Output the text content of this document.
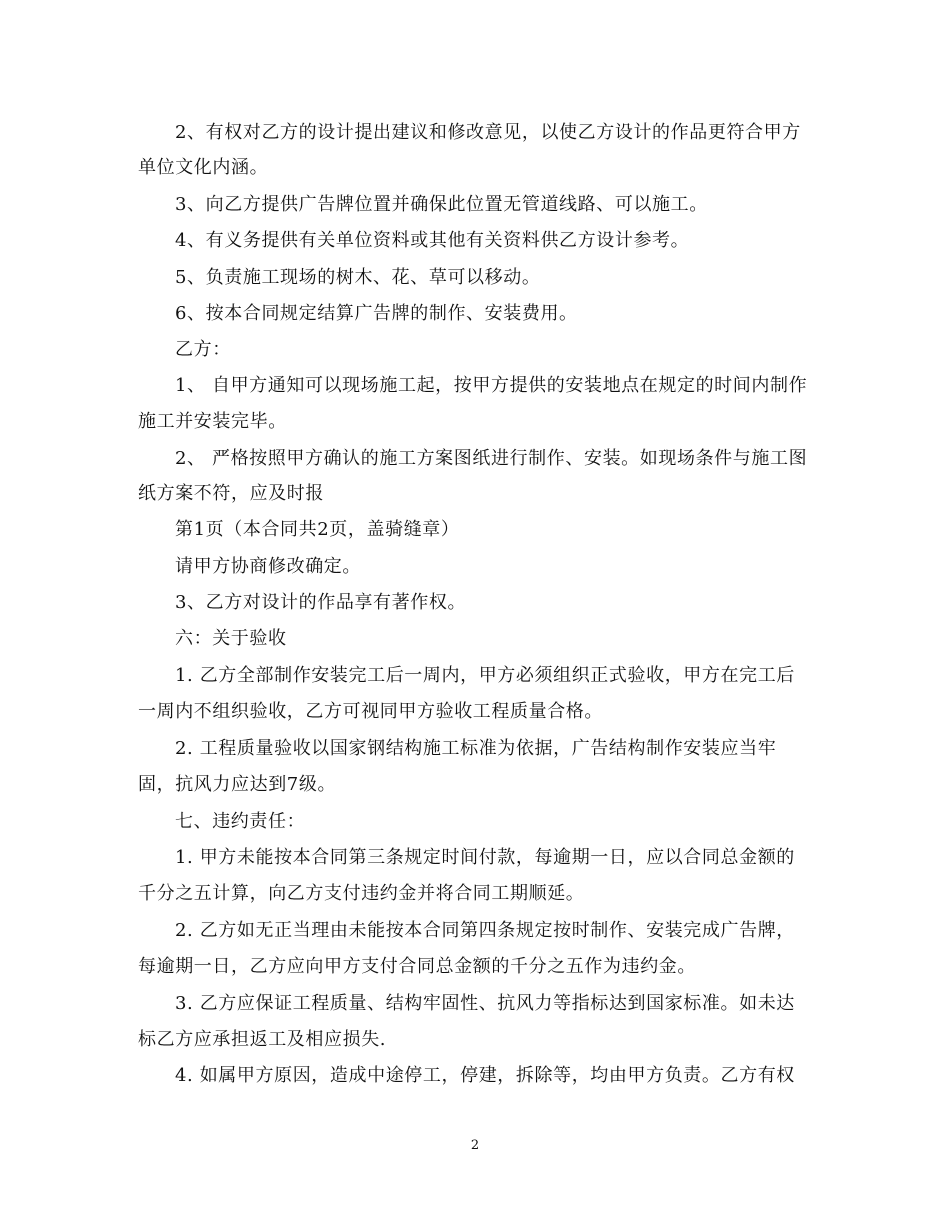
2、有权对乙方的设计提出建议和修改意见，以使乙方设计的作品更符合甲方
单位文化内涵。
3、向乙方提供广告牌位置并确保此位置无管道线路、可以施工。
4、有义务提供有关单位资料或其他有关资料供乙方设计参考。
5、负责施工现场的树木、花、草可以移动。
6、按本合同规定结算广告牌的制作、安装费用。
乙方：
1、 自甲方通知可以现场施工起，按甲方提供的安装地点在规定的时间内制作
施工并安装完毕。
2、 严格按照甲方确认的施工方案图纸进行制作、安装。如现场条件与施工图
纸方案不符，应及时报
第1页（本合同共2页，盖骑缝章）
请甲方协商修改确定。
3、乙方对设计的作品享有著作权。
六：关于验收
1. 乙方全部制作安装完工后一周内，甲方必须组织正式验收，甲方在完工后
一周内不组织验收，乙方可视同甲方验收工程质量合格。
2. 工程质量验收以国家钢结构施工标准为依据，广告结构制作安装应当牢
固，抗风力应达到7级。
七、违约责任：
1. 甲方未能按本合同第三条规定时间付款，每逾期一日，应以合同总金额的
千分之五计算，向乙方支付违约金并将合同工期顺延。
2. 乙方如无正当理由未能按本合同第四条规定按时制作、安装完成广告牌，
每逾期一日，乙方应向甲方支付合同总金额的千分之五作为违约金。
3. 乙方应保证工程质量、结构牢固性、抗风力等指标达到国家标准。如未达
标乙方应承担返工及相应损失.
4. 如属甲方原因，造成中途停工，停建，拆除等，均由甲方负责。乙方有权
2
